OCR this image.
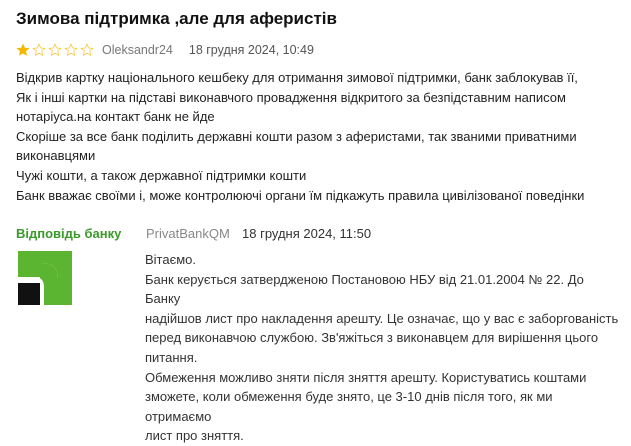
Зимова підтримка ,але для аферистів
Oleksandr24 18 грудня 2024, 10:49

Відкрив картку національного кешбеку для отримання зимової підтримки, банк заблокував її,

Як і інші картки на підставі виконавчого провадження відкритого за безпідставним написом

нотаріуса.на контакт банк не йде

Скоріше за все банк поділить державні кошти разом з аферистами, так званими приватними

виконавцями

Чужі кошти, а також державної підтримки кошти

Банк вважає своїми і, може контролюючі органи їм підкажуть правила цивілізованої поведінки

Відповідь банку PrivatBankQM 18 грудня 2024, 11:50

Вітаємо.

Банк керується затвердженою Постановою НБУ від 21.01.2004 № 22. До Банку

надійшов лист про накладення арешту. Це означає, що у вас є заборгованість

перед виконавчою службою. Зв'яжіться з виконавцем для вирішення цього

питання.

Обмеження можливо зняти після зняття арешту. Користуватись коштами

зможете, коли обмеження буде знято, це 3-10 днів після того, як ми отримаємо

лист про зняття.
